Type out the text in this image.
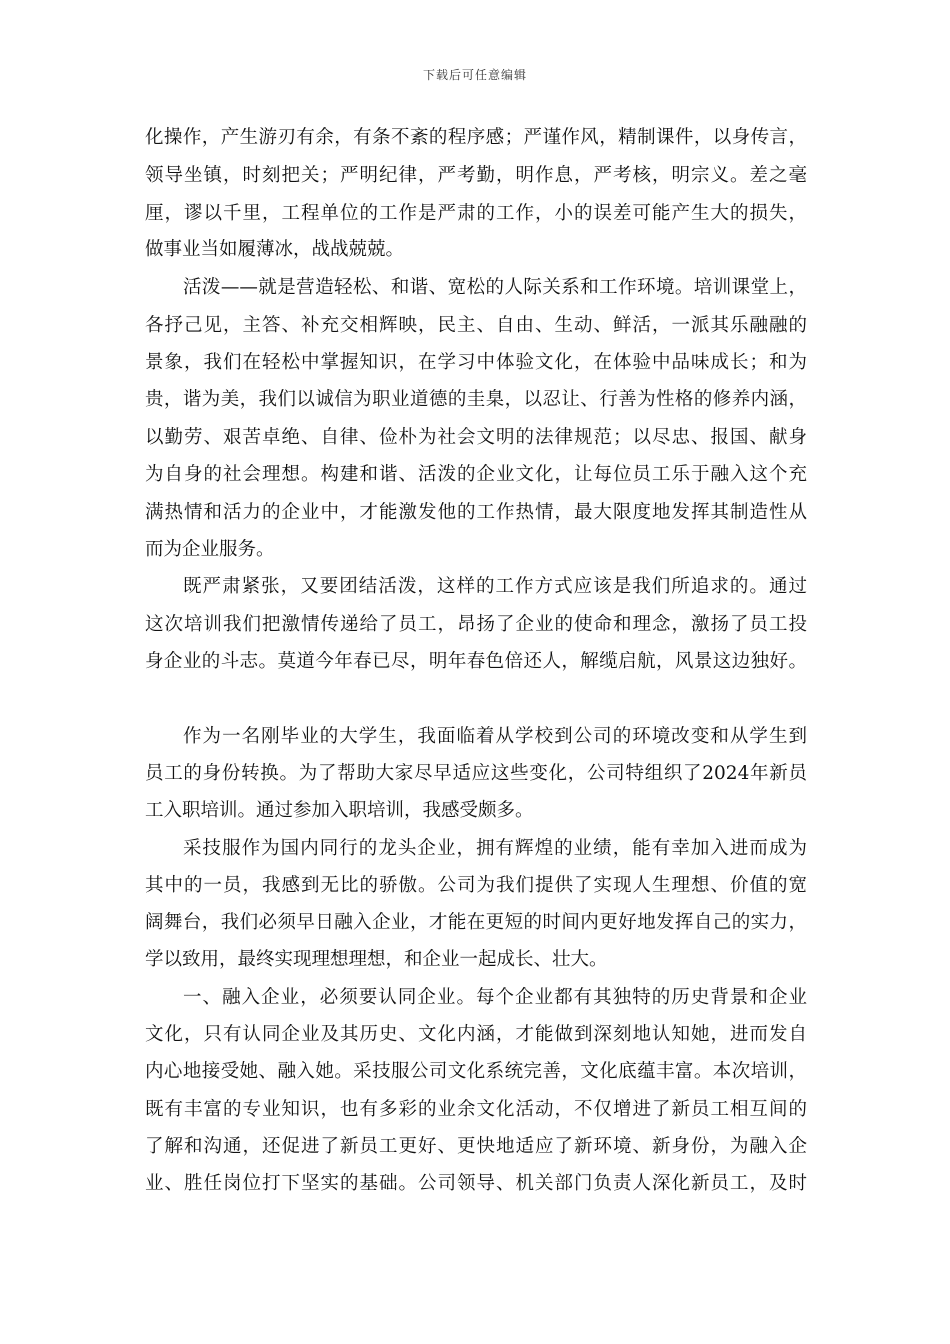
下载后可任意编辑
化操作，产生游刃有余，有条不紊的程序感；严谨作风，精制课件，以身传言，
领导坐镇，时刻把关；严明纪律，严考勤，明作息，严考核，明宗义。差之毫
厘，谬以千里，工程单位的工作是严肃的工作，小的误差可能产生大的损失，
做事业当如履薄冰，战战兢兢。
活泼——就是营造轻松、和谐、宽松的人际关系和工作环境。培训课堂上，
各抒己见，主答、补充交相辉映，民主、自由、生动、鲜活，一派其乐融融的
景象，我们在轻松中掌握知识，在学习中体验文化，在体验中品味成长；和为
贵，谐为美，我们以诚信为职业道德的圭臬，以忍让、行善为性格的修养内涵，
以勤劳、艰苦卓绝、自律、俭朴为社会文明的法律规范；以尽忠、报国、献身
为自身的社会理想。构建和谐、活泼的企业文化，让每位员工乐于融入这个充
满热情和活力的企业中，才能激发他的工作热情，最大限度地发挥其制造性从
而为企业服务。
既严肃紧张，又要团结活泼，这样的工作方式应该是我们所追求的。通过
这次培训我们把激情传递给了员工，昂扬了企业的使命和理念，激扬了员工投
身企业的斗志。莫道今年春已尽，明年春色倍还人，解缆启航，风景这边独好。
作为一名刚毕业的大学生，我面临着从学校到公司的环境改变和从学生到
员工的身份转换。为了帮助大家尽早适应这些变化，公司特组织了2024年新员
工入职培训。通过参加入职培训，我感受颇多。
采技服作为国内同行的龙头企业，拥有辉煌的业绩，能有幸加入进而成为
其中的一员，我感到无比的骄傲。公司为我们提供了实现人生理想、价值的宽
阔舞台，我们必须早日融入企业，才能在更短的时间内更好地发挥自己的实力，
学以致用，最终实现理想理想，和企业一起成长、壮大。
一、融入企业，必须要认同企业。每个企业都有其独特的历史背景和企业
文化，只有认同企业及其历史、文化内涵，才能做到深刻地认知她，进而发自
内心地接受她、融入她。采技服公司文化系统完善，文化底蕴丰富。本次培训，
既有丰富的专业知识，也有多彩的业余文化活动，不仅增进了新员工相互间的
了解和沟通，还促进了新员工更好、更快地适应了新环境、新身份，为融入企
业、胜任岗位打下坚实的基础。公司领导、机关部门负责人深化新员工，及时
